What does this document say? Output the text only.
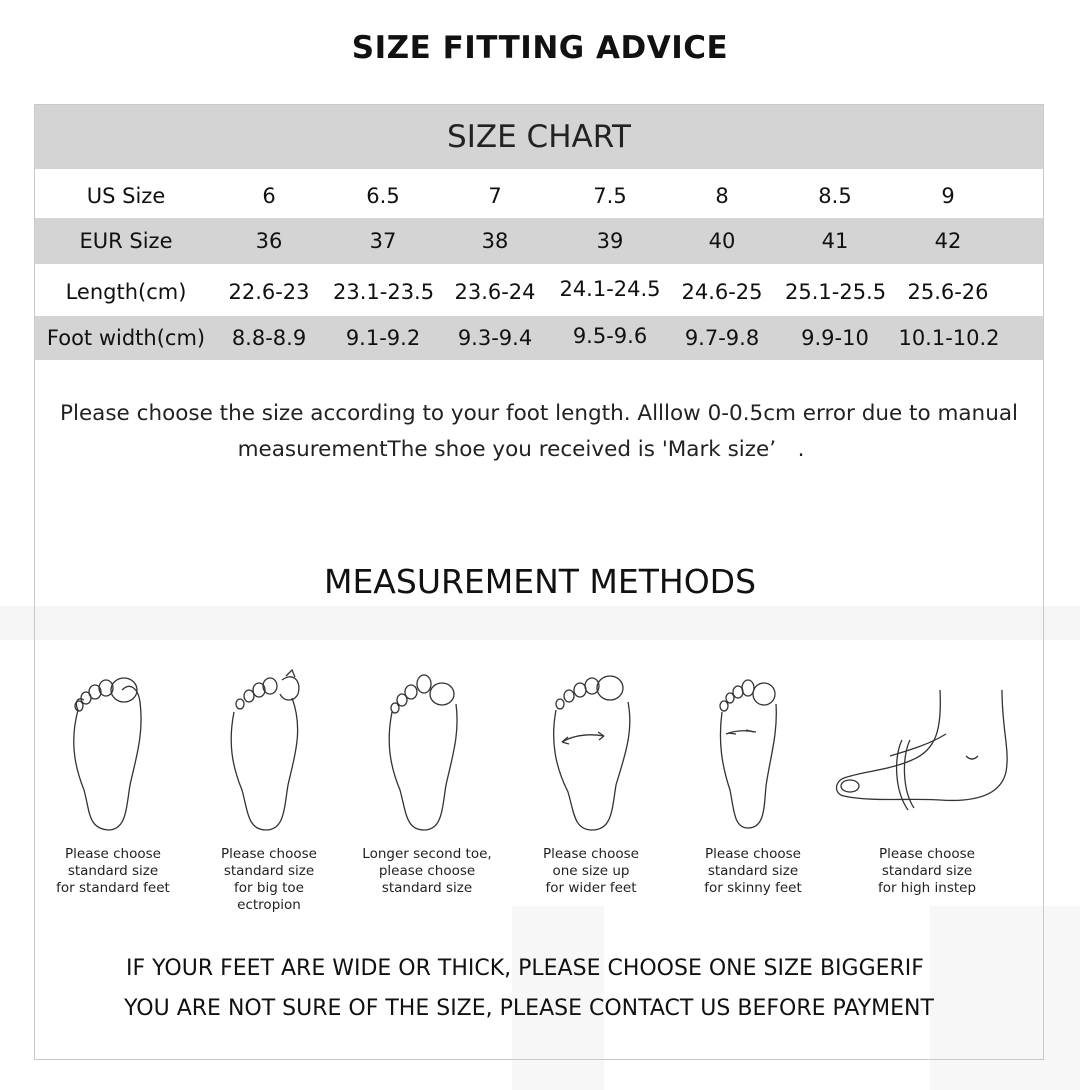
SIZE FITTING ADVICE
SIZE CHART
US Size	6	6.5	7	7.5	8	8.5	9
EUR Size	36	37	38	39	40	41	42
Length(cm)	22.6-23 23.1-23.5 23.6-24 24.1-24.5 24.6-25 25.1-25.5 25.6-26
Foot width(cm)	8.8-8.9	9.1-9.2	9.3-9.4	9.5-9.6	9.7-9.8	9.9-10	10.1-10.2
Please choose the size according to your foot length. Alllow 0-0.5cm error due to manual
measurementThe shoe you received is 'Mark size’　.
MEASUREMENT METHODS
Please choose
standard size
for standard feet
Please choose
standard size
for big toe
ectropion
Longer second toe,
please choose
standard size
Please choose
one size up
for wider feet
Please choose
standard size
for skinny feet
Please choose
standard size
for high instep
IF YOUR FEET ARE WIDE OR THICK, PLEASE CHOOSE ONE SIZE BIGGERIF
YOU ARE NOT SURE OF THE SIZE, PLEASE CONTACT US BEFORE PAYMENT
